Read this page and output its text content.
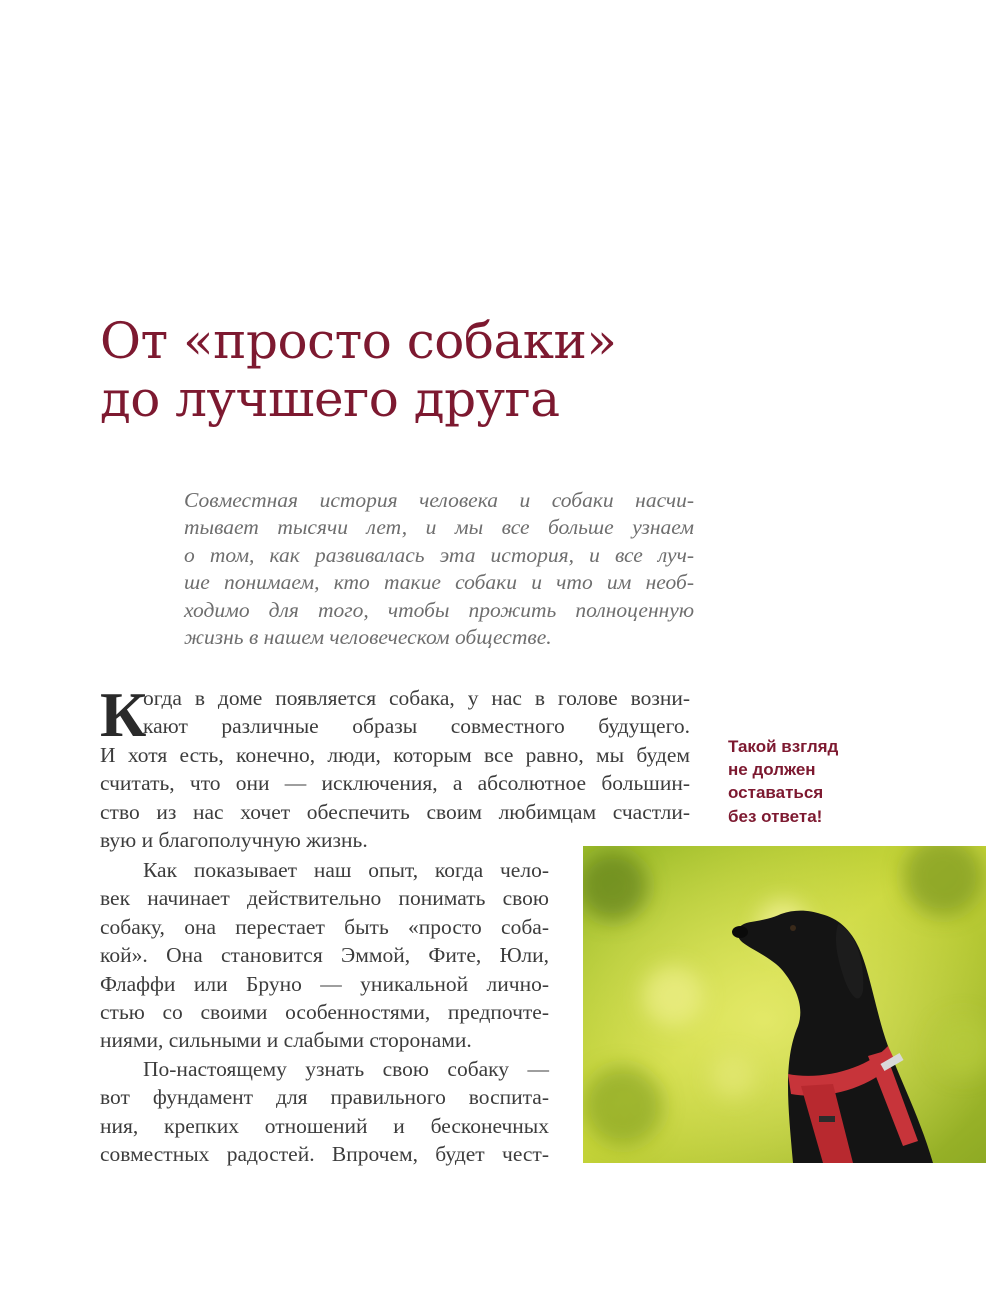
От «просто собаки»
до лучшего друга
Совместная история человека и собаки насчи-
тывает тысячи лет, и мы все больше узнаем
о том, как развивалась эта история, и все луч-
ше понимаем, кто такие собаки и что им необ-
ходимо для того, чтобы прожить полноценную
жизнь в нашем человеческом обществе.
К
огда в доме появляется собака, у нас в голове возни-
кают различные образы совместного будущего.
И хотя есть, конечно, люди, которым все равно, мы будем
считать, что они — исключения, а абсолютное большин-
ство из нас хочет обеспечить своим любимцам счастли-
вую и благополучную жизнь.
Как показывает наш опыт, когда чело-
век начинает действительно понимать свою
собаку, она перестает быть «просто соба-
кой». Она становится Эммой, Фите, Юли,
Флаффи или Бруно — уникальной лично-
стью со своими особенностями, предпочте-
ниями, сильными и слабыми сторонами.
По-настоящему узнать свою собаку —
вот фундамент для правильного воспита-
ния, крепких отношений и бесконечных
совместных радостей. Впрочем, будет чест-
Такой взгляд
не должен
оставаться
без ответа!
